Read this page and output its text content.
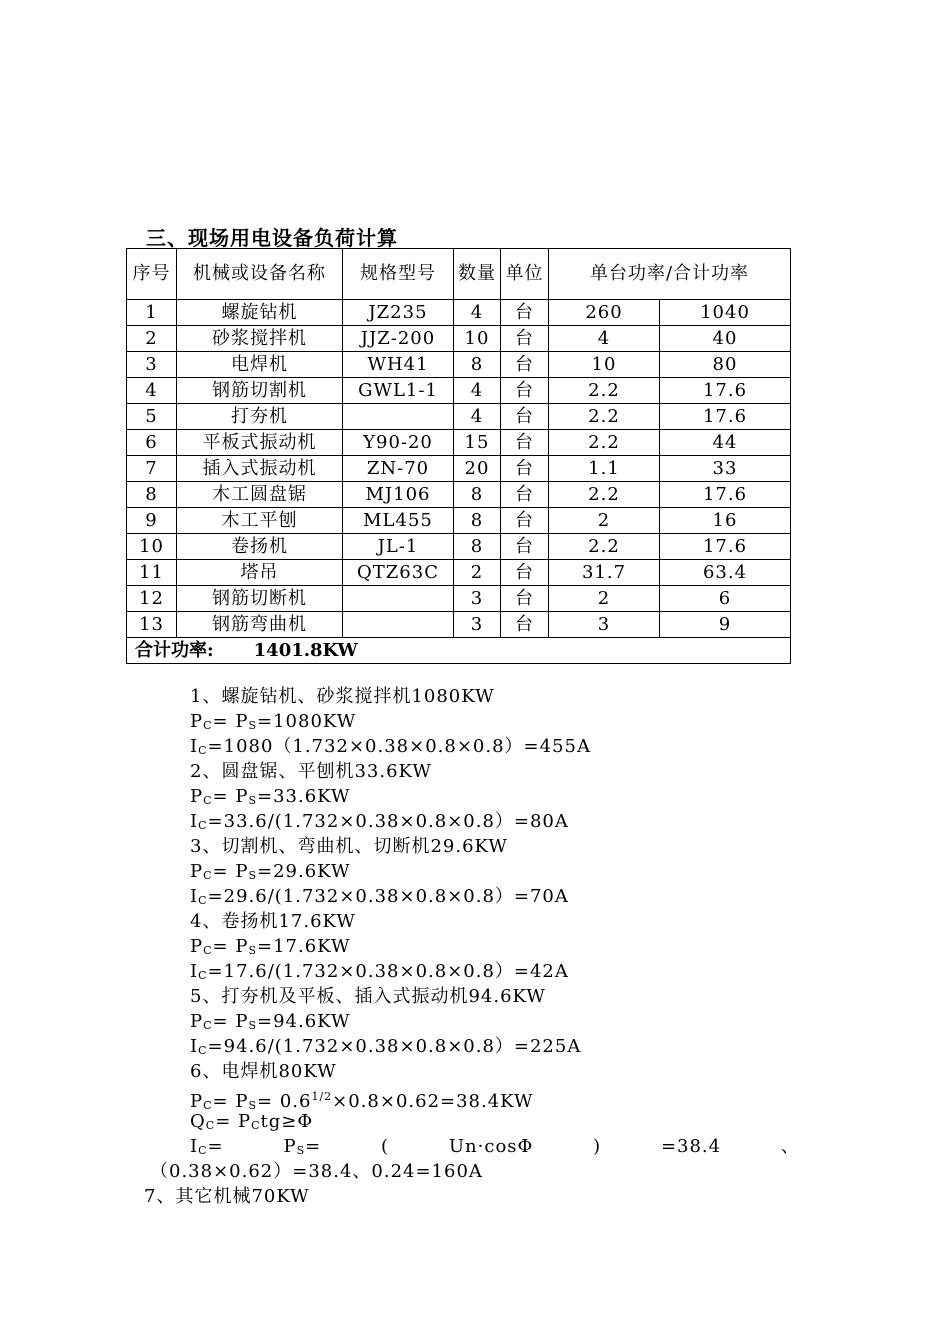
三、现场用电设备负荷计算
序号	机械或设备名称	规格型号	数量	单位	单台功率/合计功率	
1	螺旋钻机	JZ235	4	台	260	1040
2	砂浆搅拌机	JJZ-200	10	台	4	40
3	电焊机	WH41	8	台	10	80
4	钢筋切割机	GWL1-1	4	台	2.2	17.6
5	打夯机		4	台	2.2	17.6
6	平板式振动机	Y90-20	15	台	2.2	44
7	插入式振动机	ZN-70	20	台	1.1	33
8	木工圆盘锯	MJ106	8	台	2.2	17.6
9	木工平刨	ML455	8	台	2	16
10	卷扬机	JL-1	8	台	2.2	17.6
11	塔吊	QTZ63C	2	台	31.7	63.4
12	钢筋切断机		3	台	2	6
13	钢筋弯曲机		3	台	3	9
合计功率: 1401.8KW						
1、螺旋钻机、砂浆搅拌机1080KW
$P_C= P_S=1080KW$
$I_C=1080(1.732\times 0.38\times 0.8\times 0.8)=455A$
2、圆盘锯、平刨机33.6KW
$P_C= P_S=33.6KW$
$I_C=33.6/(1.732\times 0.38\times 0.8\times 0.8)=80A$
3、切割机、弯曲机、切断机29.6KW
$P_C= P_S=29.6KW$
$I_C=29.6/(1.732\times 0.38\times 0.8\times 0.8)=70A$
4、卷扬机17.6KW
$P_C= P_S=17.6KW$
$I_C=17.6/(1.732\times 0.38\times 0.8\times 0.8)=42A$
5、打夯机及平板、插入式振动机94.6KW
$P_C= P_S=94.6KW$
$I_C=94.6/(1.732\times 0.38\times 0.8\times 0.8)=225A$
6、电焊机80KW
$P_C= P_S= 0.6^{1/2}\times 0.8\times 0.62=38.4KW$
$Q_C= P_Ctg\ge\Phi$
$I_C=$	$P_S=$	(	Un·cosΦ	)	=38.4	、
（0.38×0.62）=38.4、0.24=160A
7、其它机械70KW
